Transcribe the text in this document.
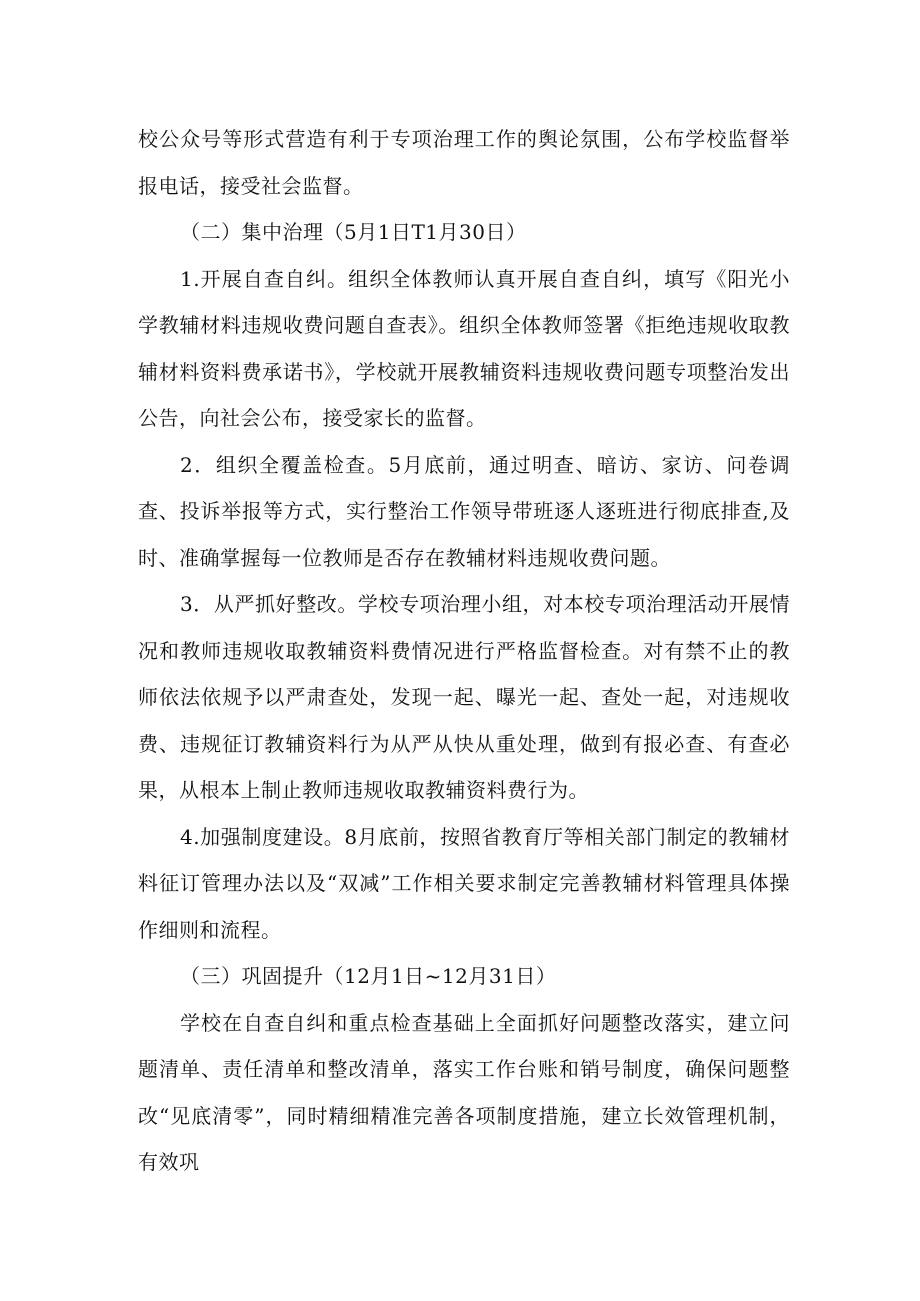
校公众号等形式营造有利于专项治理工作的舆论氛围，公布学校监督举报电话，接受社会监督。

（二）集中治理（5月1日T1月30日）

1.开展自查自纠。组织全体教师认真开展自查自纠，填写《阳光小学教辅材料违规收费问题自查表》。组织全体教师签署《拒绝违规收取教辅材料资料费承诺书》，学校就开展教辅资料违规收费问题专项整治发出公告，向社会公布，接受家长的监督。

2．组织全覆盖检查。5月底前，通过明查、暗访、家访、问卷调查、投诉举报等方式，实行整治工作领导带班逐人逐班进行彻底排查,及时、准确掌握每一位教师是否存在教辅材料违规收费问题。

3．从严抓好整改。学校专项治理小组，对本校专项治理活动开展情况和教师违规收取教辅资料费情况进行严格监督检查。对有禁不止的教师依法依规予以严肃查处，发现一起、曝光一起、查处一起，对违规收费、违规征订教辅资料行为从严从快从重处理，做到有报必查、有查必果，从根本上制止教师违规收取教辅资料费行为。

4.加强制度建设。8月底前，按照省教育厅等相关部门制定的教辅材料征订管理办法以及“双减”工作相关要求制定完善教辅材料管理具体操作细则和流程。

（三）巩固提升（12月1日~12月31日）

学校在自查自纠和重点检查基础上全面抓好问题整改落实，建立问题清单、责任清单和整改清单，落实工作台账和销号制度，确保问题整改“见底清零”，同时精细精准完善各项制度措施，建立长效管理机制，有效巩
